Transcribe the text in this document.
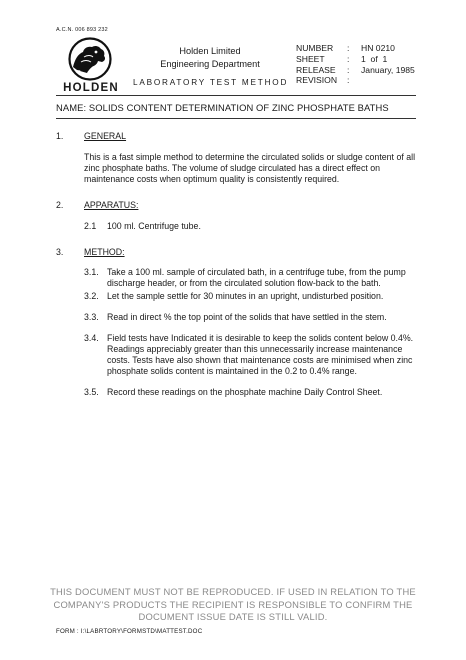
A.C.N. 006 893 232
HOLDEN
Holden Limited
Engineering Department
LABORATORY TEST METHOD
NUMBER	:	HN 0210
SHEET	:	1  of  1
RELEASE	:	January, 1985
REVISION	:	
NAME: SOLIDS CONTENT DETERMINATION OF ZINC PHOSPHATE BATHS
1.	GENERAL
This is a fast simple method to determine the circulated solids or sludge content of all zinc phosphate baths. The volume of sludge circulated has a direct effect on maintenance costs when optimum quality is consistently required.
2.	APPARATUS:
2.1	100 ml. Centrifuge tube.
3.	METHOD:
3.1. Take a 100 ml. sample of circulated bath, in a centrifuge tube, from the pump discharge header, or from the circulated solution flow-back to the bath.
3.2. Let the sample settle for 30 minutes in an upright, undisturbed position.
3.3. Read in direct % the top point of the solids that have settled in the stem.
3.4. Field tests have Indicated it is desirable to keep the solids content below 0.4%. Readings appreciably greater than this unnecessarily increase maintenance costs. Tests have also shown that maintenance costs are minimised when zinc phosphate solids content is maintained in the 0.2 to 0.4% range.
3.5. Record these readings on the phosphate machine Daily Control Sheet.
THIS DOCUMENT MUST NOT BE REPRODUCED. IF USED IN RELATION TO THE COMPANY'S PRODUCTS THE RECIPIENT IS RESPONSIBLE TO CONFIRM THE DOCUMENT ISSUE DATE IS STILL VALID.
FORM : I:\LABRTORY\FORMSTD\MATTEST.DOC
